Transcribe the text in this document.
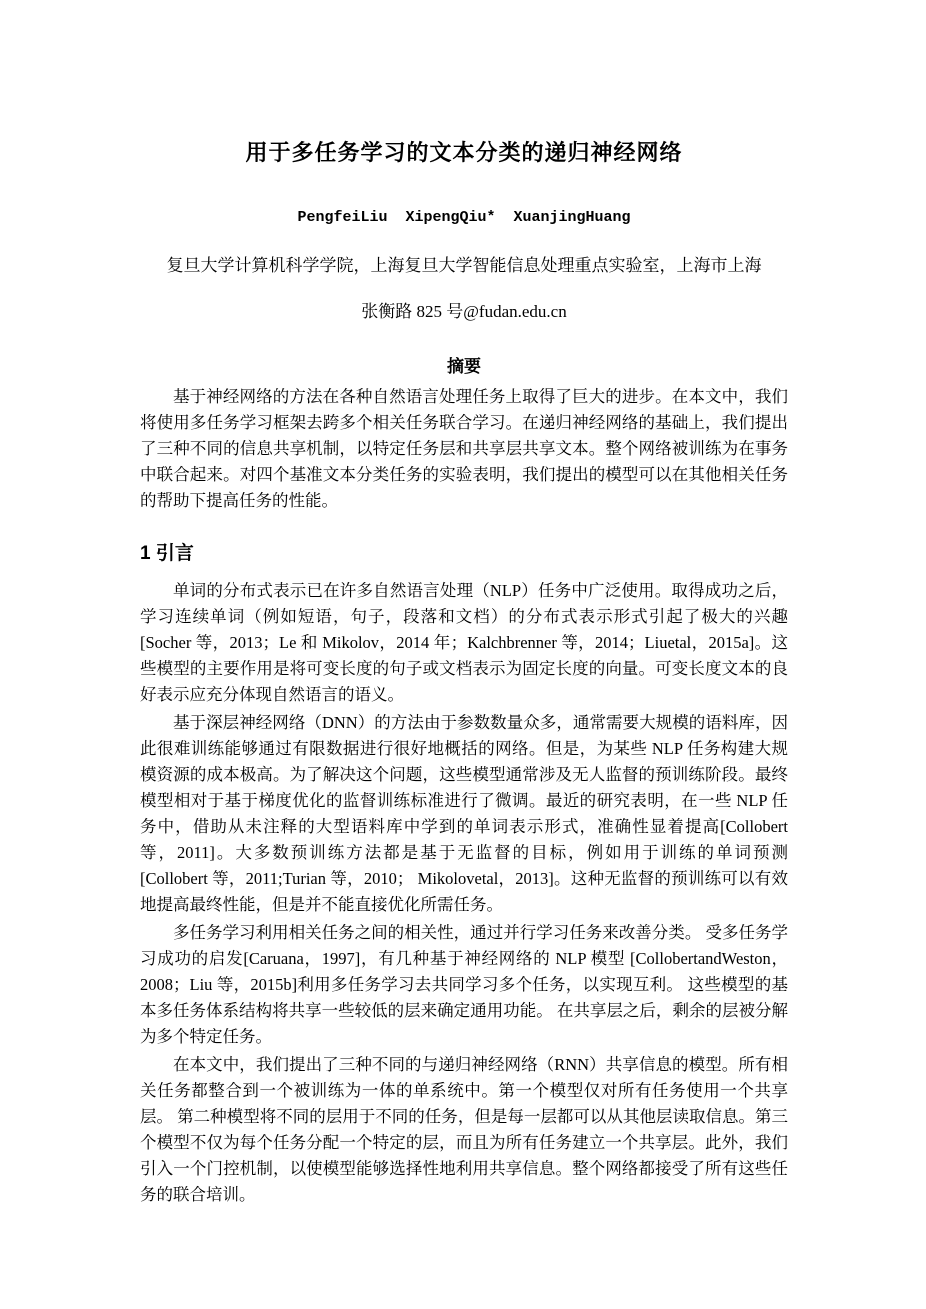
用于多任务学习的文本分类的递归神经网络
PengfeiLiu  XipengQiu*  XuanjingHuang
复旦大学计算机科学学院，上海复旦大学智能信息处理重点实验室，上海市上海
张衡路 825 号@fudan.edu.cn
摘要

基于神经网络的方法在各种自然语言处理任务上取得了巨大的进步。在本文中，我们将使用多任务学习框架去跨多个相关任务联合学习。在递归神经网络的基础上，我们提出了三种不同的信息共享机制，以特定任务层和共享层共享文本。整个网络被训练为在事务中联合起来。对四个基准文本分类任务的实验表明，我们提出的模型可以在其他相关任务的帮助下提高任务的性能。

1 引言

单词的分布式表示已在许多自然语言处理（NLP）任务中广泛使用。取得成功之后，学习连续单词（例如短语，句子，段落和文档）的分布式表示形式引起了极大的兴趣[Socher 等，2013；Le 和 Mikolov，2014 年；Kalchbrenner 等，2014；Liuetal，2015a]。这些模型的主要作用是将可变长度的句子或文档表示为固定长度的向量。可变长度文本的良好表示应充分体现自然语言的语义。

基于深层神经网络（DNN）的方法由于参数数量众多，通常需要大规模的语料库，因此很难训练能够通过有限数据进行很好地概括的网络。但是，为某些 NLP 任务构建大规模资源的成本极高。为了解决这个问题，这些模型通常涉及无人监督的预训练阶段。最终模型相对于基于梯度优化的监督训练标准进行了微调。最近的研究表明，在一些 NLP 任务中，借助从未注释的大型语料库中学到的单词表示形式，准确性显着提高[Collobert 等，2011]。大多数预训练方法都是基于无监督的目标，例如用于训练的单词预测[Collobert 等，2011;Turian 等，2010； Mikolovetal，2013]。这种无监督的预训练可以有效地提高最终性能，但是并不能直接优化所需任务。

多任务学习利用相关任务之间的相关性，通过并行学习任务来改善分类。 受多任务学习成功的启发[Caruana，1997]，有几种基于神经网络的 NLP 模型 [CollobertandWeston，2008；Liu 等，2015b]利用多任务学习去共同学习多个任务，以实现互利。 这些模型的基本多任务体系结构将共享一些较低的层来确定通用功能。 在共享层之后，剩余的层被分解为多个特定任务。

在本文中，我们提出了三种不同的与递归神经网络（RNN）共享信息的模型。所有相关任务都整合到一个被训练为一体的单系统中。第一个模型仅对所有任务使用一个共享层。 第二种模型将不同的层用于不同的任务，但是每一层都可以从其他层读取信息。第三个模型不仅为每个任务分配一个特定的层，而且为所有任务建立一个共享层。此外，我们引入一个门控机制，以使模型能够选择性地利用共享信息。整个网络都接受了所有这些任务的联合培训。
